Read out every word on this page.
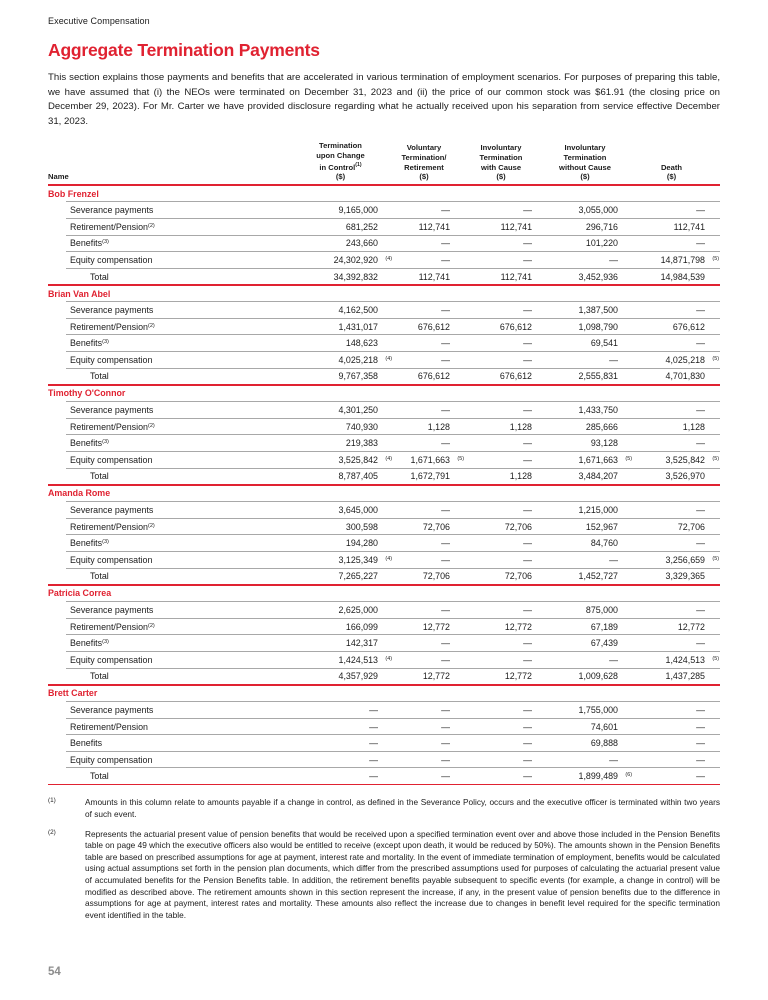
Executive Compensation
Aggregate Termination Payments

This section explains those payments and benefits that are accelerated in various termination of employment scenarios. For purposes of preparing this table, we have assumed that (i) the NEOs were terminated on December 31, 2023 and (ii) the price of our common stock was $61.91 (the closing price on December 29, 2023). For Mr. Carter we have provided disclosure regarding what he actually received upon his separation from service effective December 31, 2023.

Name
Termination
upon Change
in Control$^{(1)}$
($)
Voluntary
Termination/
Retirement
($)
Involuntary
Termination
with Cause
($)
Involuntary
Termination
without Cause
($)
Death
($)
Bob Frenzel
Severance payments	9,165,000	—	—	3,055,000	—
Retirement/Pension$^{(2)}$	681,252	112,741	112,741	296,716	112,741
Benefits$^{(3)}$	243,660	—	—	101,220	—
Equity compensation	24,302,920 (4)	—	—	—	14,871,798 (5)
Total	34,392,832	112,741	112,741	3,452,936	14,984,539
Brian Van Abel
Severance payments	4,162,500	—	—	1,387,500	—
Retirement/Pension$^{(2)}$	1,431,017	676,612	676,612	1,098,790	676,612
Benefits$^{(3)}$	148,623	—	—	69,541	—
Equity compensation	4,025,218 (4)	—	—	—	4,025,218 (5)
Total	9,767,358	676,612	676,612	2,555,831	4,701,830
Timothy O'Connor
Severance payments	4,301,250	—	—	1,433,750	—
Retirement/Pension$^{(2)}$	740,930	1,128	1,128	285,666	1,128
Benefits$^{(3)}$	219,383	—	—	93,128	—
Equity compensation	3,525,842 (4)	1,671,663 (5)	—	1,671,663 (5)	3,525,842 (5)
Total	8,787,405	1,672,791	1,128	3,484,207	3,526,970
Amanda Rome
Severance payments	3,645,000	—	—	1,215,000	—
Retirement/Pension$^{(2)}$	300,598	72,706	72,706	152,967	72,706
Benefits$^{(3)}$	194,280	—	—	84,760	—
Equity compensation	3,125,349 (4)	—	—	—	3,256,659 (5)
Total	7,265,227	72,706	72,706	1,452,727	3,329,365
Patricia Correa
Severance payments	2,625,000	—	—	875,000	—
Retirement/Pension$^{(2)}$	166,099	12,772	12,772	67,189	12,772
Benefits$^{(3)}$	142,317	—	—	67,439	—
Equity compensation	1,424,513 (4)	—	—	—	1,424,513 (5)
Total	4,357,929	12,772	12,772	1,009,628	1,437,285
Brett Carter
Severance payments	—	—	—	1,755,000	—
Retirement/Pension	—	—	—	74,601	—
Benefits	—	—	—	69,888	—
Equity compensation	—	—	—	—	—
Total	—	—	—	1,899,489 (6)	—
(1)	Amounts in this column relate to amounts payable if a change in control, as defined in the Severance Policy, occurs and the executive officer is terminated within two years of such event.
(2)	Represents the actuarial present value of pension benefits that would be received upon a specified termination event over and above those included in the Pension Benefits table on page 49 which the executive officers also would be entitled to receive (except upon death, it would be reduced by 50%). The amounts shown in the Pension Benefits table are based on prescribed assumptions for age at payment, interest rate and mortality. In the event of immediate termination of employment, benefits would be calculated using actual assumptions set forth in the pension plan documents, which differ from the prescribed assumptions used for purposes of calculating the actuarial present value of accumulated benefits for the Pension Benefits table. In addition, the retirement benefits payable subsequent to specific events (for example, a change in control) will be modified as described above. The retirement amounts shown in this section represent the increase, if any, in the present value of pension benefits due to the difference in assumptions for age at payment, interest rates and mortality. These amounts also reflect the increase due to changes in benefit level required for the specific termination event identified in the table.
54
